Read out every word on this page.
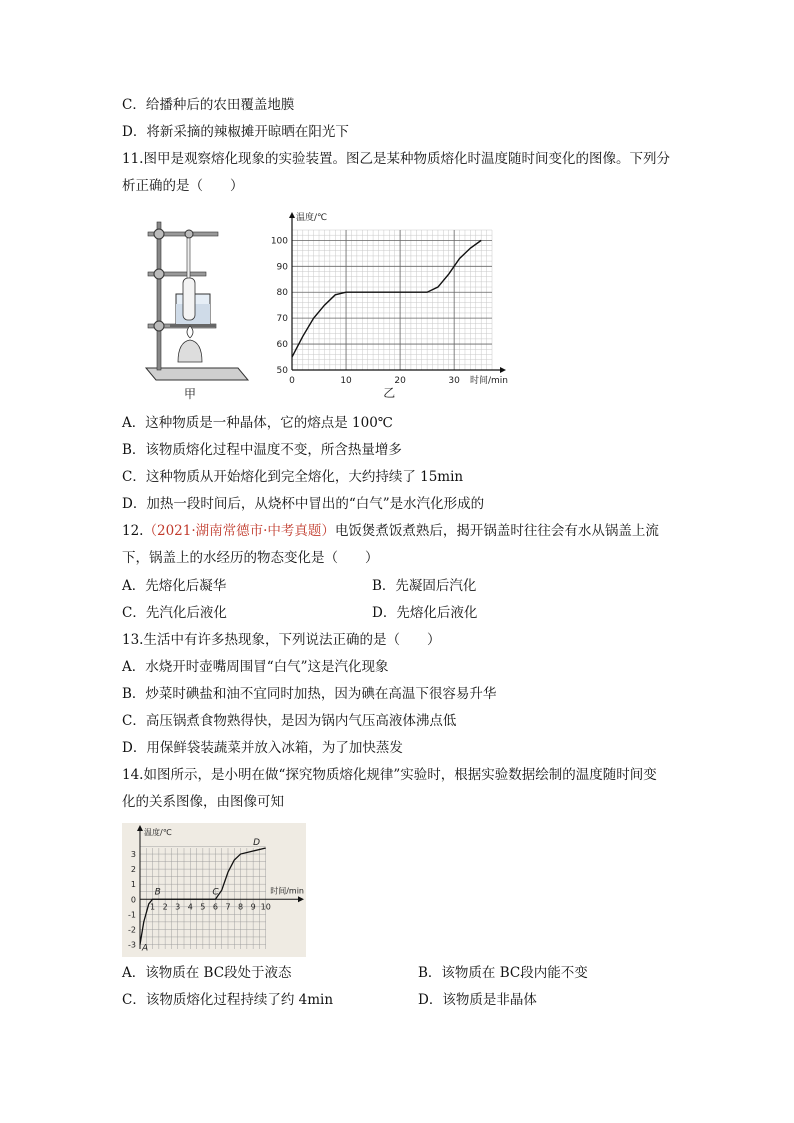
C．给播种后的农田覆盖地膜
D．将新采摘的辣椒摊开晾晒在阳光下
11.图甲是观察熔化现象的实验装置。图乙是某种物质熔化时温度随时间变化的图像。下列分
析正确的是（　　）
甲
0	10	20	30
50
60
70
80
90
100
温度/℃
时间/min
乙
A．这种物质是一种晶体，它的熔点是 100℃
B．该物质熔化过程中温度不变，所含热量增多
C．这种物质从开始熔化到完全熔化，大约持续了 15min
D．加热一段时间后，从烧杯中冒出的“白气”是水汽化形成的
12.（2021·湖南常德市·中考真题）电饭煲煮饭煮熟后，揭开锅盖时往往会有水从锅盖上流
下，锅盖上的水经历的物态变化是（　　）
A．先熔化后凝华	B．先凝固后汽化
C．先汽化后液化	D．先熔化后液化
13.生活中有许多热现象，下列说法正确的是（　　）
A．水烧开时壶嘴周围冒“白气”这是汽化现象
B．炒菜时碘盐和油不宜同时加热，因为碘在高温下很容易升华
C．高压锅煮食物熟得快，是因为锅内气压高液体沸点低
D．用保鲜袋装蔬菜并放入冰箱，为了加快蒸发
14.如图所示，是小明在做“探究物质熔化规律”实验时，根据实验数据绘制的温度随时间变
化的关系图像，由图像可知
1 2 3 4 5 6 7 8 9 10
3
2
1
0
-1
-2
-3
温度/℃
时间/min
A
B	C
D
A．该物质在 BC段处于液态	B．该物质在 BC段内能不变
C．该物质熔化过程持续了约 4min	D．该物质是非晶体
